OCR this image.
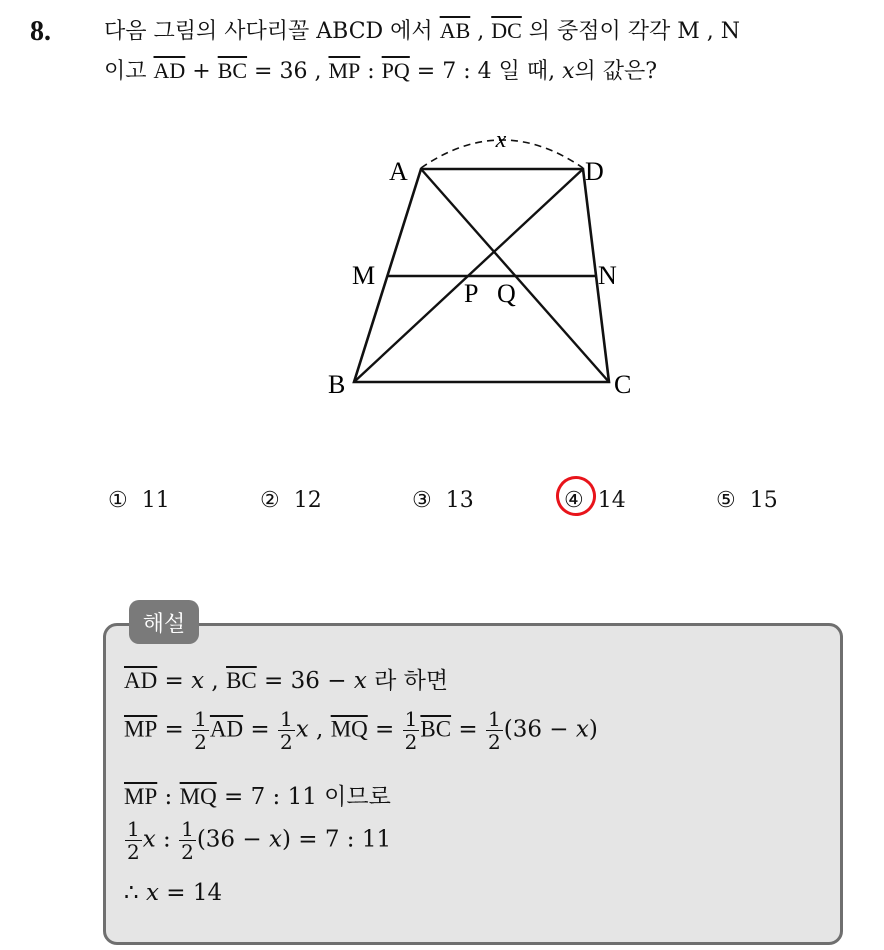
8. 다음 그림의 사다리꼴 ABCD 에서 $\overline{AB}$ , $\overline{DC}$ 의 중점이 각각 M , N
이고 $\overline{AD} + \overline{BC} = 36$ , $\overline{MP}$ : $\overline{PQ} = 7$ : 4 일 때, x의 값은?
x
A	D
M	N
P Q
B	C
① 11	② 12	③ 13	④ 14	⑤ 15
해설
$\overline{AD} = x$ , $\overline{BC} = 36 - x$ 라 하면
$\overline{MP} = \frac{1}{2} \overline{AD} = \frac{1}{2}$ x , $\overline{MQ} = \frac{1}{2} \overline{BC} = \frac{1}{2} (36 - x)$
$\overline{MP}$ : $\overline{MQ} = 7$ : 11 이므로
$\frac{1}{2}$ x : $\frac{1}{2} (36 - x) = 7$ : 11
∴ x = 14
